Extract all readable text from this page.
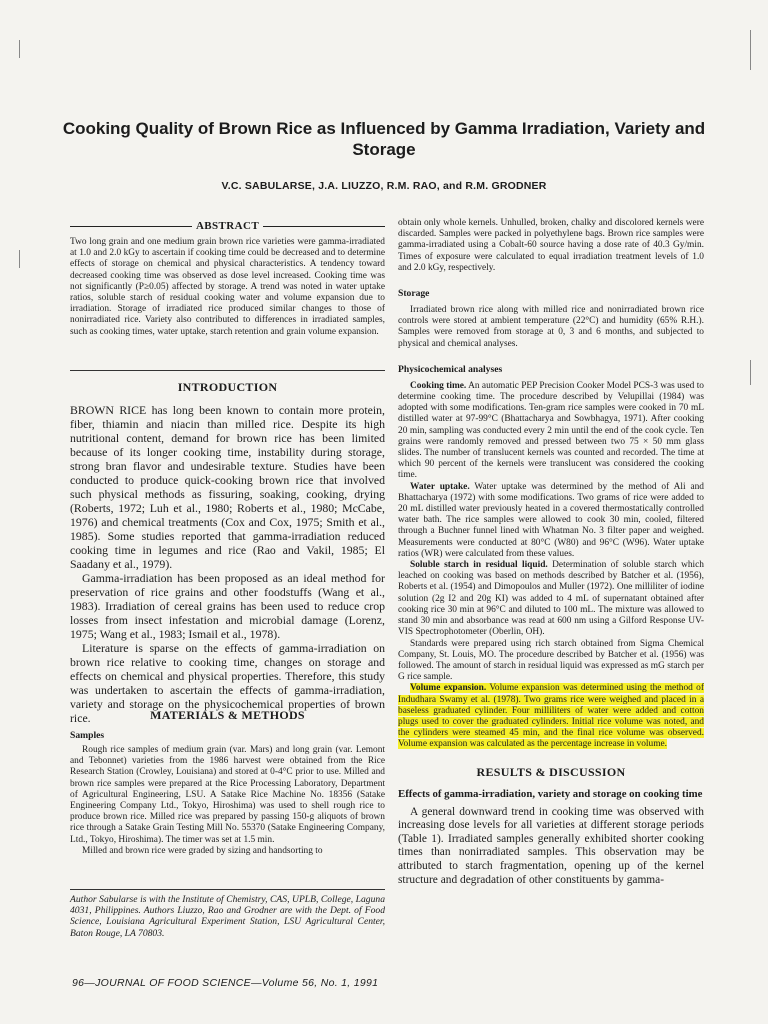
Cooking Quality of Brown Rice as Influenced by Gamma Irradiation, Variety and Storage
V.C. SABULARSE, J.A. LIUZZO, R.M. RAO, and R.M. GRODNER
ABSTRACT

Two long grain and one medium grain brown rice varieties were gamma-irradiated at 1.0 and 2.0 kGy to ascertain if cooking time could be decreased and to determine effects of storage on chemical and physical characteristics. A tendency toward decreased cooking time was observed as dose level increased. Cooking time was not significantly (P≥0.05) affected by storage. A trend was noted in water uptake ratios, soluble starch of residual cooking water and volume expansion due to irradiation. Storage of irradiated rice produced similar changes to those of nonirradiated rice. Variety also contributed to differences in irradiated samples, such as cooking times, water uptake, starch retention and grain volume expansion.

INTRODUCTION

BROWN RICE has long been known to contain more protein, fiber, thiamin and niacin than milled rice. Despite its high nutritional content, demand for brown rice has been limited because of its longer cooking time, instability during storage, strong bran flavor and undesirable texture. Studies have been conducted to produce quick-cooking brown rice that involved such physical methods as fissuring, soaking, cooking, drying (Roberts, 1972; Luh et al., 1980; Roberts et al., 1980; McCabe, 1976) and chemical treatments (Cox and Cox, 1975; Smith et al., 1985). Some studies reported that gamma-irradiation reduced cooking time in legumes and rice (Rao and Vakil, 1985; El Saadany et al., 1979).

Gamma-irradiation has been proposed as an ideal method for preservation of rice grains and other foodstuffs (Wang et al., 1983). Irradiation of cereal grains has been used to reduce crop losses from insect infestation and microbial damage (Lorenz, 1975; Wang et al., 1983; Ismail et al., 1978).

Literature is sparse on the effects of gamma-irradiation on brown rice relative to cooking time, changes on storage and effects on chemical and physical properties. Therefore, this study was undertaken to ascertain the effects of gamma-irradiation, variety and storage on the physicochemical properties of brown rice.	MATERIALS & METHODS
Samples

Rough rice samples of medium grain (var. Mars) and long grain (var. Lemont and Tebonnet) varieties from the 1986 harvest were obtained from the Rice Research Station (Crowley, Louisiana) and stored at 0-4°C prior to use. Milled and brown rice samples were prepared at the Rice Processing Laboratory, Department of Agricultural Engineering, LSU. A Satake Rice Machine No. 18356 (Satake Engineering Company Ltd., Tokyo, Hiroshima) was used to shell rough rice to produce brown rice. Milled rice was prepared by passing 150-g aliquots of brown rice through a Satake Grain Testing Mill No. 55370 (Satake Engineering Company, Ltd., Tokyo, Hiroshima). The timer was set at 1.5 min.

Milled and brown rice were graded by sizing and handsorting to

Author Sabularse is with the Institute of Chemistry, CAS, UPLB, College, Laguna 4031, Philippines. Authors Liuzzo, Rao and Grodner are with the Dept. of Food Science, Louisiana Agricultural Experiment Station, LSU Agricultural Center, Baton Rouge, LA 70803.

obtain only whole kernels. Unhulled, broken, chalky and discolored kernels were discarded. Samples were packed in polyethylene bags. Brown rice samples were gamma-irradiated using a Cobalt-60 source having a dose rate of 40.3 Gy/min. Times of exposure were calculated to equal irradiation treatment levels of 1.0 and 2.0 kGy, respectively.

Storage

Irradiated brown rice along with milled rice and nonirradiated brown rice controls were stored at ambient temperature (22°C) and humidity (65% R.H.). Samples were removed from storage at 0, 3 and 6 months, and subjected to physical and chemical analyses.

Physicochemical analyses

Cooking time. An automatic PEP Precision Cooker Model PCS-3 was used to determine cooking time. The procedure described by Velupillai (1984) was adopted with some modifications. Ten-gram rice samples were cooked in 70 mL distilled water at 97-99°C (Bhattacharya and Sowbhagya, 1971). After cooking 20 min, sampling was conducted every 2 min until the end of the cook cycle. Ten grains were randomly removed and pressed between two 75 × 50 mm glass slides. The number of translucent kernels was counted and recorded. The time at which 90 percent of the kernels were translucent was considered the cooking time.

Water uptake. Water uptake was determined by the method of Ali and Bhattacharya (1972) with some modifications. Two grams of rice were added to 20 mL distilled water previously heated in a covered thermostatically controlled water bath. The rice samples were allowed to cook 30 min, cooled, filtered through a Buchner funnel lined with Whatman No. 3 filter paper and weighed. Measurements were conducted at 80°C (W80) and 96°C (W96). Water uptake ratios (WR) were calculated from these values.

Soluble starch in residual liquid. Determination of soluble starch which leached on cooking was based on methods described by Batcher et al. (1956), Roberts et al. (1954) and Dimopoulos and Muller (1972). One milliliter of iodine solution (2g I2 and 20g KI) was added to 4 mL of supernatant obtained after cooking rice 30 min at 96°C and diluted to 100 mL. The mixture was allowed to stand 30 min and absorbance was read at 600 nm using a Gilford Response UV-VIS Spectrophotometer (Oberlin, OH).

Standards were prepared using rich starch obtained from Sigma Chemical Company, St. Louis, MO. The procedure described by Batcher et al. (1956) was followed. The amount of starch in residual liquid was expressed as mG starch per G rice sample.

Volume expansion. Volume expansion was determined using the method of Indudhara Swamy et al. (1978). Two grams rice were weighed and placed in a baseless graduated cylinder. Four milliliters of water were added and cotton plugs used to cover the graduated cylinders. Initial rice volume was noted, and the cylinders were steamed 45 min, and the final rice volume was observed. Volume expansion was calculated as the percentage increase in volume.

RESULTS & DISCUSSION
Effects of gamma-irradiation, variety and storage on cooking time

A general downward trend in cooking time was observed with increasing dose levels for all varieties at different storage periods (Table 1). Irradiated samples generally exhibited shorter cooking times than nonirradiated samples. This observation may be attributed to starch fragmentation, opening up of the kernel structure and degradation of other constituents by gamma-

96—JOURNAL OF FOOD SCIENCE—Volume 56, No. 1, 1991
